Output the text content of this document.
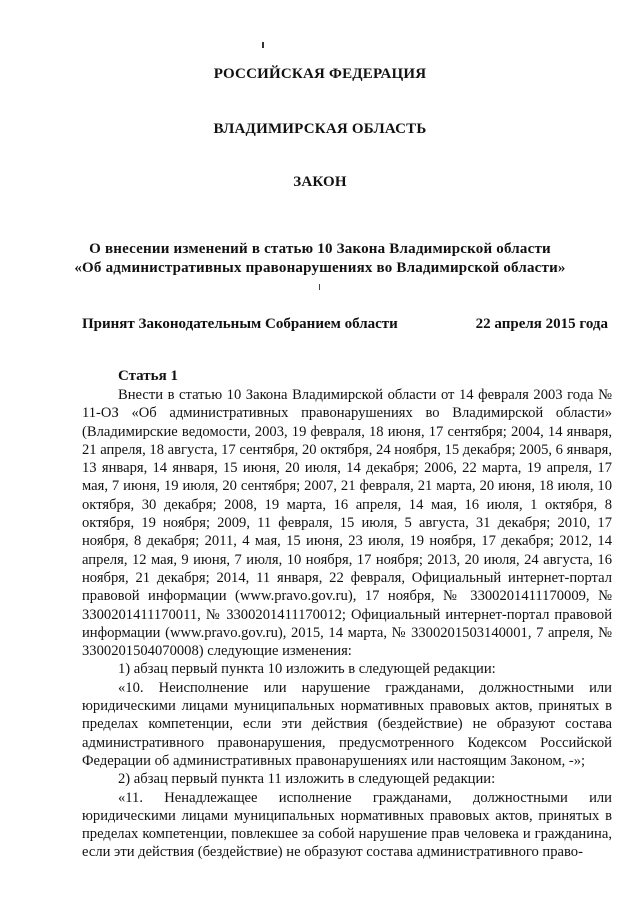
РОССИЙСКАЯ ФЕДЕРАЦИЯ
ВЛАДИМИРСКАЯ ОБЛАСТЬ
ЗАКОН
О внесении изменений в статью 10 Закона Владимирской области
«Об административных правонарушениях во Владимирской области»
Принят Законодательным Собранием области	22 апреля 2015 года
Статья 1

Внести в статью 10 Закона Владимирской области от 14 февраля 2003 года № 11-ОЗ «Об административных правонарушениях во Владимирской области» (Владимирские ведомости, 2003, 19 февраля, 18 июня, 17 сентября; 2004, 14 января, 21 апреля, 18 августа, 17 сентября, 20 октября, 24 ноября, 15 декабря; 2005, 6 января, 13 января, 14 января, 15 июня, 20 июля, 14 декабря; 2006, 22 марта, 19 апреля, 17 мая, 7 июня, 19 июля, 20 сентября; 2007, 21 февраля, 21 марта, 20 июня, 18 июля, 10 октября, 30 декабря; 2008, 19 марта, 16 апреля, 14 мая, 16 июля, 1 октября, 8 октября, 19 ноября; 2009, 11 февраля, 15 июля, 5 августа, 31 декабря; 2010, 17 ноября, 8 декабря; 2011, 4 мая, 15 июня, 23 июля, 19 ноября, 17 декабря; 2012, 14 апреля, 12 мая, 9 июня, 7 июля, 10 ноября, 17 ноября; 2013, 20 июля, 24 августа, 16 ноября, 21 декабря; 2014, 11 января, 22 февраля, Официальный интернет-портал правовой информации (www.pravo.gov.ru), 17 ноября, № 3300201411170009, № 3300201411170011, № 3300201411170012; Официальный интернет-портал правовой информации (www.pravo.gov.ru), 2015, 14 марта, № 3300201503140001, 7 апреля, № 3300201504070008) следующие изменения:

1) абзац первый пункта 10 изложить в следующей редакции:

«10. Неисполнение или нарушение гражданами, должностными или юридическими лицами муниципальных нормативных правовых актов, принятых в пределах компетенции, если эти действия (бездействие) не образуют состава административного правонарушения, предусмотренного Кодексом Российской Федерации об административных правонарушениях или настоящим Законом, -»;

2) абзац первый пункта 11 изложить в следующей редакции:

«11. Ненадлежащее исполнение гражданами, должностными или юридическими лицами муниципальных нормативных правовых актов, принятых в пределах компетенции, повлекшее за собой нарушение прав человека и гражданина, если эти действия (бездействие) не образуют состава административного право-
